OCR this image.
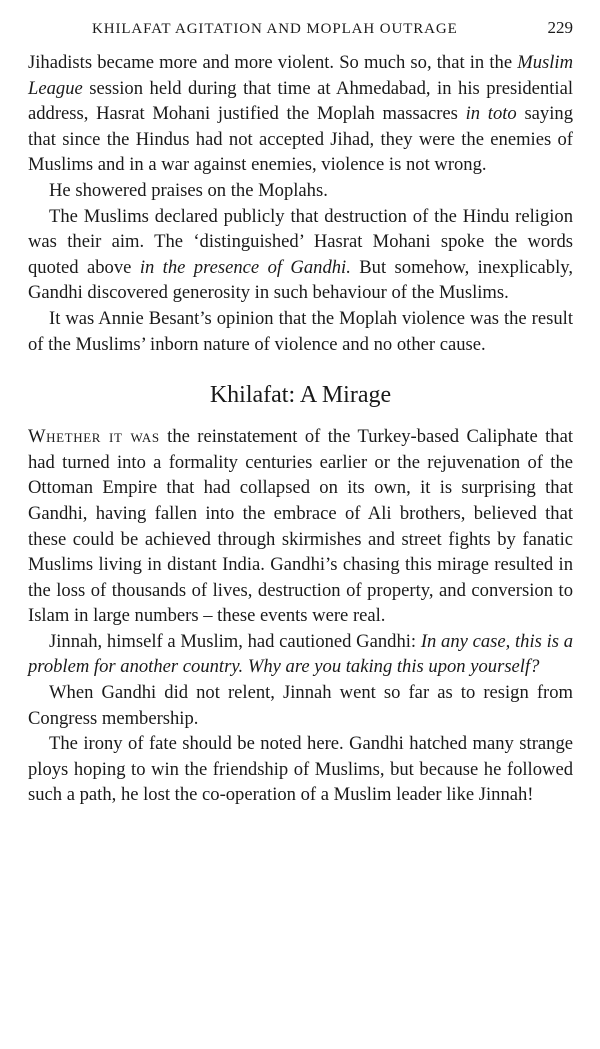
KHILAFAT AGITATION AND MOPLAH OUTRAGE	229

Jihadists became more and more violent. So much so, that in the Muslim League session held during that time at Ahmedabad, in his presidential address, Hasrat Mohani justified the Moplah massacres in toto saying that since the Hindus had not accepted Jihad, they were the enemies of Muslims and in a war against enemies, violence is not wrong.

He showered praises on the Moplahs.

The Muslims declared publicly that destruction of the Hindu religion was their aim. The ‘distinguished’ Hasrat Mohani spoke the words quoted above in the presence of Gandhi. But somehow, inexplicably, Gandhi discovered generosity in such behaviour of the Muslims.

It was Annie Besant’s opinion that the Moplah violence was the result of the Muslims’ inborn nature of violence and no other cause.

Khilafat: A Mirage

Whether it was the reinstatement of the Turkey-based Caliphate that had turned into a formality centuries earlier or the rejuvenation of the Ottoman Empire that had collapsed on its own, it is surprising that Gandhi, having fallen into the embrace of Ali brothers, believed that these could be achieved through skirmishes and street fights by fanatic Muslims living in distant India. Gandhi’s chasing this mirage resulted in the loss of thousands of lives, destruction of property, and conversion to Islam in large numbers – these events were real.

Jinnah, himself a Muslim, had cautioned Gandhi: In any case, this is a problem for another country. Why are you taking this upon yourself?

When Gandhi did not relent, Jinnah went so far as to resign from Congress membership.

The irony of fate should be noted here. Gandhi hatched many strange ploys hoping to win the friendship of Muslims, but because he followed such a path, he lost the co-operation of a Muslim leader like Jinnah!
